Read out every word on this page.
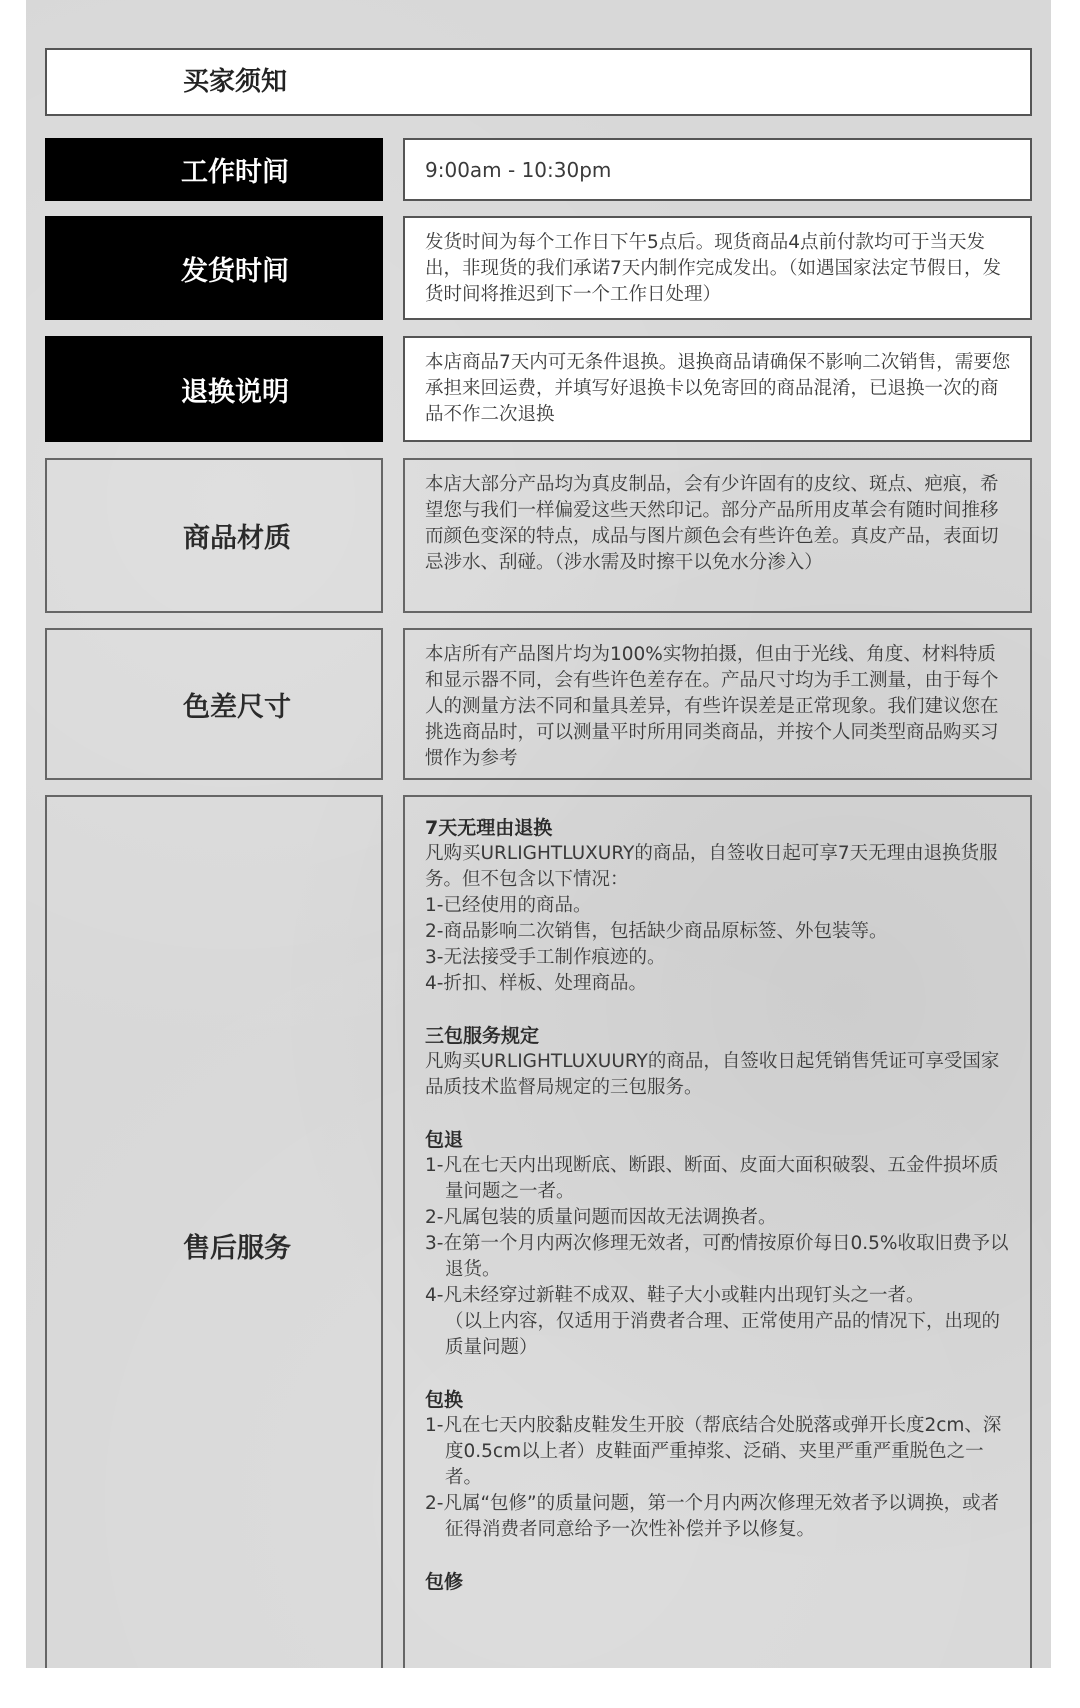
买家须知
工作时间	9:00am - 10:30pm
发货时间
发货时间为每个工作日下午5点后。现货商品4点前付款均可于当天发出，非现货的我们承诺7天内制作完成发出。（如遇国家法定节假日，发货时间将推迟到下一个工作日处理）
退换说明
本店商品7天内可无条件退换。退换商品请确保不影响二次销售，需要您承担来回运费，并填写好退换卡以免寄回的商品混淆，已退换一次的商品不作二次退换
商品材质
本店大部分产品均为真皮制品，会有少许固有的皮纹、斑点、疤痕，希望您与我们一样偏爱这些天然印记。部分产品所用皮革会有随时间推移而颜色变深的特点，成品与图片颜色会有些许色差。真皮产品，表面切忌涉水、刮碰。（涉水需及时擦干以免水分渗入）
色差尺寸
本店所有产品图片均为100%实物拍摄，但由于光线、角度、材料特质和显示器不同，会有些许色差存在。产品尺寸均为手工测量，由于每个人的测量方法不同和量具差异，有些许误差是正常现象。我们建议您在挑选商品时，可以测量平时所用同类商品，并按个人同类型商品购买习惯作为参考
售后服务
7天无理由退换

凡购买URLIGHTLUXURY的商品，自签收日起可享7天无理由退换货服务。但不包含以下情况：

1-已经使用的商品。

2-商品影响二次销售，包括缺少商品原标签、外包装等。

3-无法接受手工制作痕迹的。

4-折扣、样板、处理商品。

三包服务规定

凡购买URLIGHTLUXUURY的商品，自签收日起凭销售凭证可享受国家品质技术监督局规定的三包服务。

包退

1-凡在七天内出现断底、断跟、断面、皮面大面积破裂、五金件损坏质量问题之一者。

2-凡属包装的质量问题而因故无法调换者。

3-在第一个月内两次修理无效者，可酌情按原价每日0.5%收取旧费予以退货。

4-凡未经穿过新鞋不成双、鞋子大小或鞋内出现钉头之一者。

（以上内容，仅适用于消费者合理、正常使用产品的情况下，出现的质量问题）

包换

1-凡在七天内胶黏皮鞋发生开胶（帮底结合处脱落或弹开长度2cm、深度0.5cm以上者）皮鞋面严重掉浆、泛硝、夹里严重严重脱色之一者。

2-凡属“包修”的质量问题，第一个月内两次修理无效者予以调换，或者征得消费者同意给予一次性补偿并予以修复。

包修
